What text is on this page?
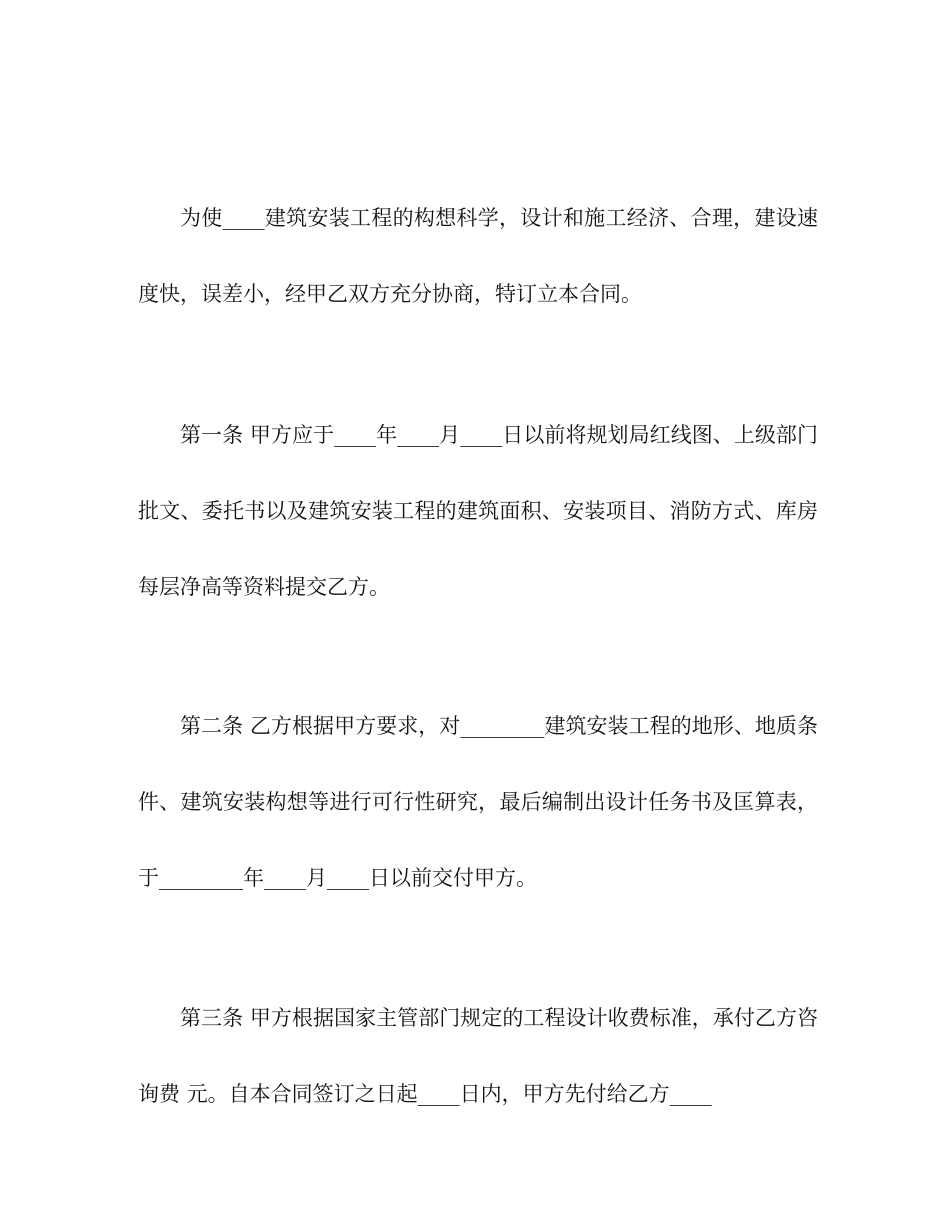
为使____建筑安装工程的构想科学，设计和施工经济、合理，建设速度快，误差小，经甲乙双方充分协商，特订立本合同。

第一条 甲方应于____年____月____日以前将规划局红线图、上级部门批文、委托书以及建筑安装工程的建筑面积、安装项目、消防方式、库房每层净高等资料提交乙方。

第二条 乙方根据甲方要求，对________建筑安装工程的地形、地质条件、建筑安装构想等进行可行性研究，最后编制出设计任务书及匡算表，于________年____月____日以前交付甲方。

第三条 甲方根据国家主管部门规定的工程设计收费标准，承付乙方咨询费 元。自本合同签订之日起____日内，甲方先付给乙方____
